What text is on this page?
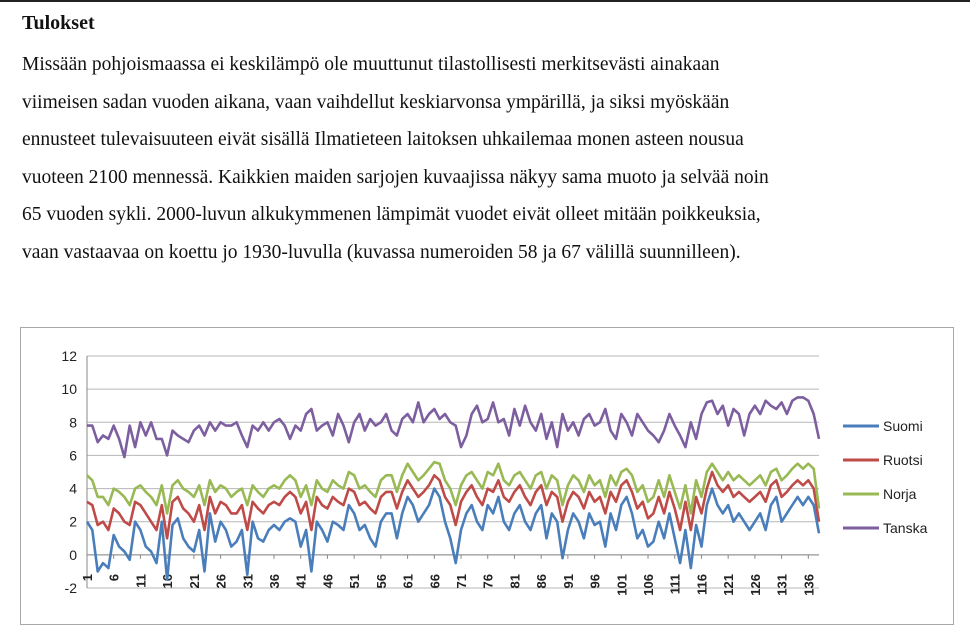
Tulokset
Missään pohjoismaassa ei keskilämpö ole muuttunut tilastollisesti merkitsevästi ainakaan
viimeisen sadan vuoden aikana, vaan vaihdellut keskiarvonsa ympärillä, ja siksi myöskään
ennusteet tulevaisuuteen eivät sisällä Ilmatieteen laitoksen uhkailemaa monen asteen nousua
vuoteen 2100 mennessä. Kaikkien maiden sarjojen kuvaajissa näkyy sama muoto ja selvää noin
65 vuoden sykli. 2000-luvun alkukymmenen lämpimät vuodet eivät olleet mitään poikkeuksia,
vaan vastaavaa on koettu jo 1930-luvulla (kuvassa numeroiden 58 ja 67 välillä suunnilleen).
-2
0
2
4
6
8
10
12
1 6 11 16 21 26 31 36 41 46 51 56 61 66 71 76 81 86 91 96 101 106 111 116 121 126 131 136
Suomi
Ruotsi
Norja
Tanska
